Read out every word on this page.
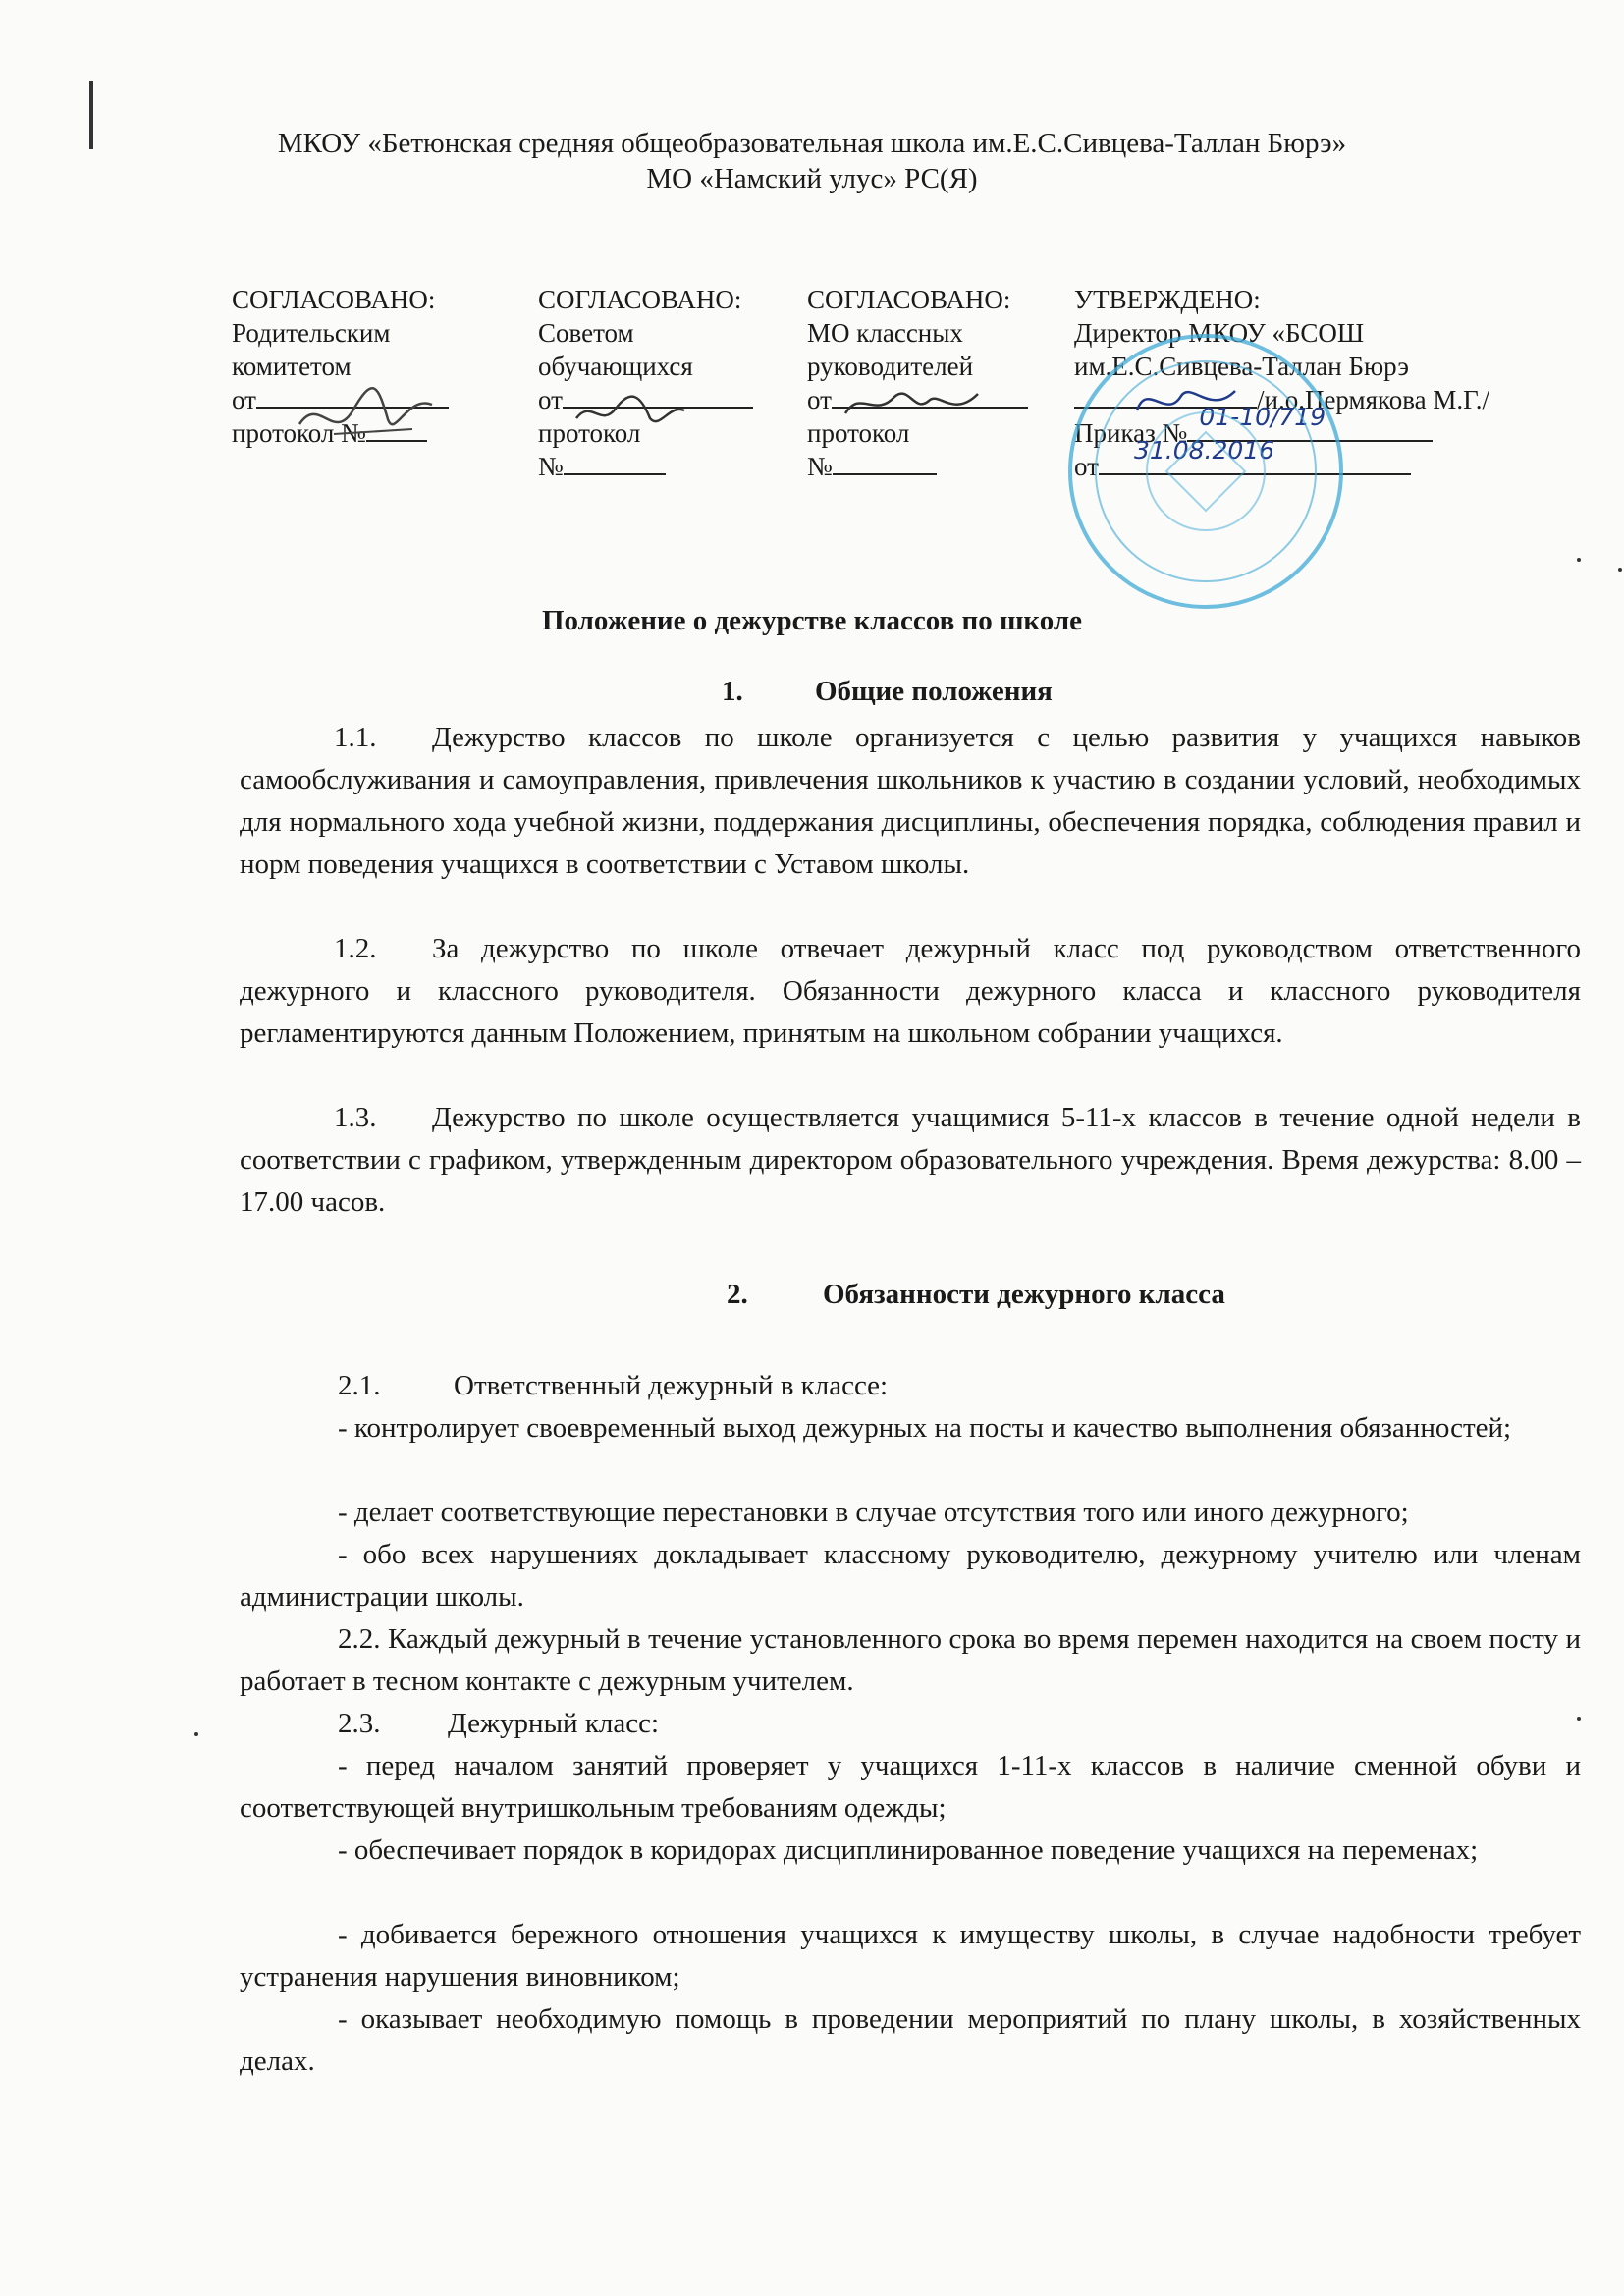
МКОУ «Бетюнская средняя общеобразовательная школа им.Е.С.Сивцева-Таллан Бюрэ»
МО «Намский улус» РС(Я)
СОГЛАСОВАНО:
Родительским
комитетом
от
протокол №
СОГЛАСОВАНО:
Советом
обучающихся
от
протокол
№
СОГЛАСОВАНО:
МО классных
руководителей
от
протокол
№
УТВЕРЖДЕНО:
Директор МКОУ «БСОШ
им.Е.С.Сивцева-Таллан Бюрэ
/и.о.Пермякова М.Г./
Приказ №
01-10/719
от
31.08.2016
Положение о дежурстве классов по школе
1.	Общие положения
1.1. Дежурство классов по школе организуется с целью развития у учащихся навыков самообслуживания и самоуправления, привлечения школьников к участию в создании условий, необходимых для нормального хода учебной жизни, поддержания дисциплины, обеспечения порядка, соблюдения правил и норм поведения учащихся в соответствии с Уставом школы.
1.2. За дежурство по школе отвечает дежурный класс под руководством ответственного дежурного и классного руководителя. Обязанности дежурного класса и классного руководителя регламентируются данным Положением, принятым на школьном собрании учащихся.
1.3. Дежурство по школе осуществляется учащимися 5-11-х классов в течение одной недели в соответствии с графиком, утвержденным директором образовательного учреждения. Время дежурства: 8.00 – 17.00 часов.
2.	Обязанности дежурного класса
2.1.	Ответственный дежурный в классе:
- контролирует своевременный выход дежурных на посты и качество выполнения обязанностей;
- делает соответствующие перестановки в случае отсутствия того или иного дежурного;
- обо всех нарушениях докладывает классному руководителю, дежурному учителю или членам администрации школы.
2.2. Каждый дежурный в течение установленного срока во время перемен находится на своем посту и работает в тесном контакте с дежурным учителем.
2.3. Дежурный класс:
- перед началом занятий проверяет у учащихся 1-11-х классов в наличие сменной обуви и соответствующей внутришкольным требованиям одежды;
- обеспечивает порядок в коридорах дисциплинированное поведение учащихся на переменах;
- добивается бережного отношения учащихся к имуществу школы, в случае надобности требует устранения нарушения виновником;
- оказывает необходимую помощь в проведении мероприятий по плану школы, в хозяйственных делах.
